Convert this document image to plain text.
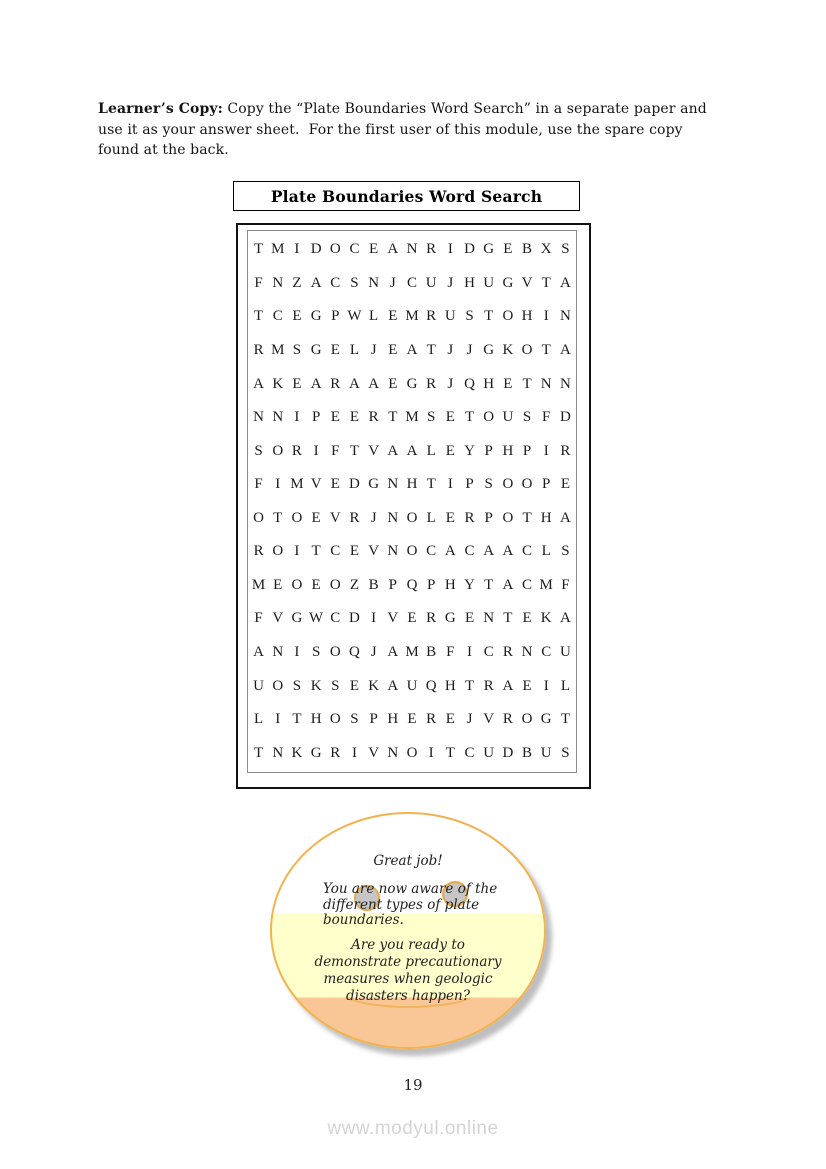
Learner’s Copy: Copy the “Plate Boundaries Word Search” in a separate paper and
use it as your answer sheet.  For the first user of this module, use the spare copy
found at the back.

Plate Boundaries Word Search
T M I D O C E A N R I D G E B X S
F N Z A C S N J C U J H U G V T A
T C E G P W L E M R U S T O H I N
R M S G E L J E A T J J G K O T A
A K E A R A A E G R J Q H E T N N
N N I P E E R T M S E T O U S F D
S O R I F T V A A L E Y P H P I R
F I M V E D G N H T I P S O O P E
O T O E V R J N O L E R P O T H A
R O I T C E V N O C A C A A C L S
M E O E O Z B P Q P H Y T A C M F
F V G W C D I V E R G E N T E K A
A N I S O Q J A M B F I C R N C U
U O S K S E K A U Q H T R A E I L
L I T H O S P H E R E J V R O G T
T N K G R I V N O I T C U D B U S
Great job!
You are now aware of the
different types of plate
boundaries.
Are you ready to
demonstrate precautionary
measures when geologic
disasters happen?
19
www.modyul.online
